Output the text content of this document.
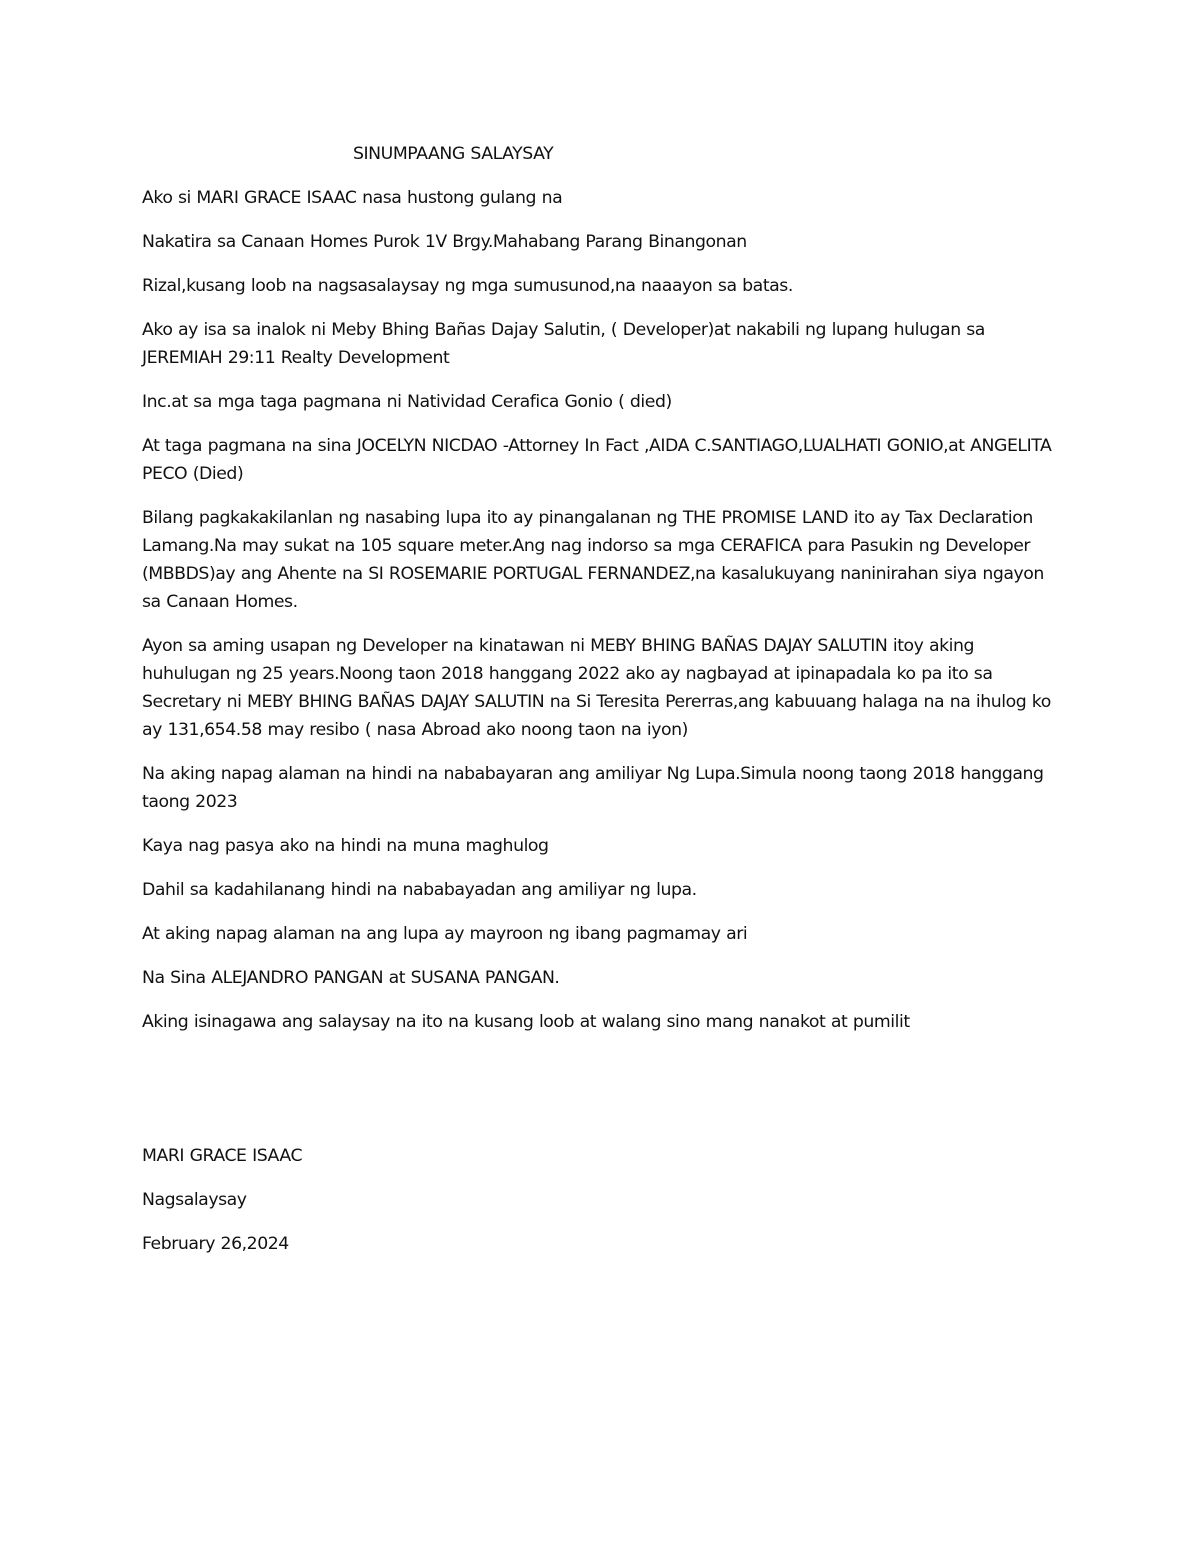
SINUMPAANG SALAYSAY

Ako si MARI GRACE ISAAC nasa hustong gulang na

Nakatira sa Canaan Homes Purok 1V Brgy.Mahabang Parang Binangonan

Rizal,kusang loob na nagsasalaysay ng mga sumusunod,na naaayon sa batas.

Ako ay isa sa inalok ni Meby Bhing Bañas Dajay Salutin, ( Developer)at nakabili ng lupang hulugan sa JEREMIAH 29:11 Realty Development

Inc.at sa mga taga pagmana ni Natividad Cerafica Gonio ( died)

At taga pagmana na sina JOCELYN NICDAO -Attorney In Fact ,AIDA C.SANTIAGO,LUALHATI GONIO,at ANGELITA PECO (Died)

Bilang pagkakakilanlan ng nasabing lupa ito ay pinangalanan ng THE PROMISE LAND ito ay Tax Declaration Lamang.Na may sukat na 105 square meter.Ang nag indorso sa mga CERAFICA para Pasukin ng Developer (MBBDS)ay ang Ahente na SI ROSEMARIE PORTUGAL FERNANDEZ,na kasalukuyang naninirahan siya ngayon sa Canaan Homes.

Ayon sa aming usapan ng Developer na kinatawan ni MEBY BHING BAÑAS DAJAY SALUTIN itoy aking huhulugan ng 25 years.Noong taon 2018 hanggang 2022 ako ay nagbayad at ipinapadala ko pa ito sa Secretary ni MEBY BHING BAÑAS DAJAY SALUTIN na Si Teresita Pererras,ang kabuuang halaga na na ihulog ko ay 131,654.58 may resibo ( nasa Abroad ako noong taon na iyon)

Na aking napag alaman na hindi na nababayaran ang amiliyar Ng Lupa.Simula noong taong 2018 hanggang taong 2023

Kaya nag pasya ako na hindi na muna maghulog

Dahil sa kadahilanang hindi na nababayadan ang amiliyar ng lupa.

At aking napag alaman na ang lupa ay mayroon ng ibang pagmamay ari

Na Sina ALEJANDRO PANGAN at SUSANA PANGAN.

Aking isinagawa ang salaysay na ito na kusang loob at walang sino mang nanakot at pumilit

MARI GRACE ISAAC

Nagsalaysay

February 26,2024
